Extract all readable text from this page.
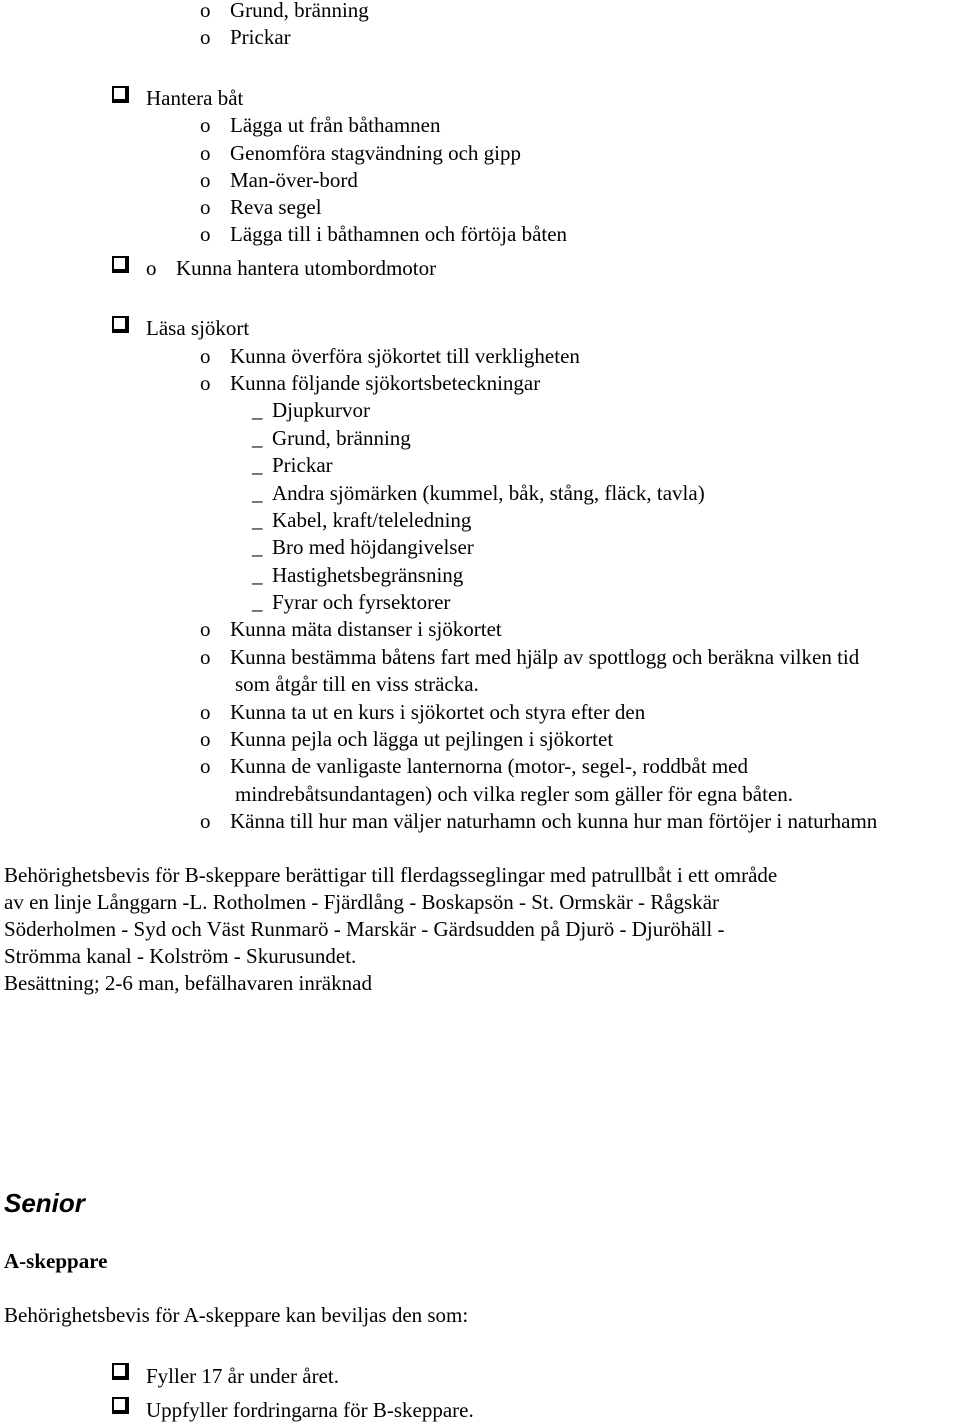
o Grund, bränning
o Prickar
Hantera båt
o Lägga ut från båthamnen
o Genomföra stagvändning och gipp
o Man-över-bord
o Reva segel
o Lägga till i båthamnen och förtöja båten
o Kunna hantera utombordmotor
Läsa sjökort
o Kunna överföra sjökortet till verkligheten
o Kunna följande sjökortsbeteckningar
_ Djupkurvor
_ Grund, bränning
_ Prickar
_ Andra sjömärken (kummel, båk, stång, fläck, tavla)
_ Kabel, kraft/teleledning
_ Bro med höjdangivelser
_ Hastighetsbegränsning
_ Fyrar och fyrsektorer
o Kunna mäta distanser i sjökortet
o Kunna bestämma båtens fart med hjälp av spottlogg och beräkna vilken tid
som åtgår till en viss sträcka.
o Kunna ta ut en kurs i sjökortet och styra efter den
o Kunna pejla och lägga ut pejlingen i sjökortet
o Kunna de vanligaste lanternorna (motor-, segel-, roddbåt med
mindrebåtsundantagen) och vilka regler som gäller för egna båten.
o Känna till hur man väljer naturhamn och kunna hur man förtöjer i naturhamn
Behörighetsbevis för B-skeppare berättigar till flerdagsseglingar med patrullbåt i ett område
av en linje Långgarn -L. Rotholmen - Fjärdlång - Boskapsön - St. Ormskär - Rågskär
Söderholmen - Syd och Väst Runmarö - Marskär - Gärdsudden på Djurö - Djuröhäll -
Strömma kanal - Kolström - Skurusundet.
Besättning; 2-6 man, befälhavaren inräknad
Senior
A-skeppare
Behörighetsbevis för A-skeppare kan beviljas den som:
Fyller 17 år under året.
Uppfyller fordringarna för B-skeppare.
